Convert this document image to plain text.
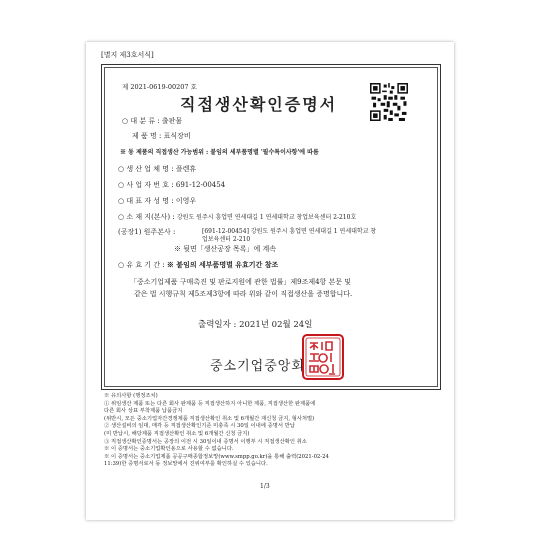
[별지 제3호서식]
제 2021-0619-00207 호
직접생산확인증명서
○ 대 분 류 : 출판물
제 품 명 : 표식장비
※ 동 제품의 직접생산 가능범위 : 붙임의 세부품명별 '필수특이사항'에 따름
○ 생 산 업 체 명 : 플렌휴
○ 사 업 자 번 호 : 691-12-00454
○ 대 표 자 성 명 : 이영우
○ 소 재 지(본사) : 강원도 원주시 흥업면 연세대길 1 연세대학교 창업보육센터 2-210호
(공장1) 원주본사 :	[691-12-00454] 강원도 원주시 흥업면 연세대길 1 연세대학교 창
업보육센터 2-210
※ 뒷면「생산공장 목록」에 계속
○ 유 효 기 간 : ※ 붙임의 세부품명별 유효기간 참조
「중소기업제품 구매촉진 및 판로지원에 관한 법률」제9조제4항 본문 및
같은 법 시행규칙 제5조제3항에 따라 위와 같이 직접생산을 증명합니다.
출력일자 : 2021년 02월 24일
중소기업중앙회
※ 유의사항 (행정조치)
① 위임생산 제품 또는 다른 회사 완제품 등 직접생산하지 아니한 제품, 직접생산한 완제품에
다른 회사 상표 부착제품 납품금지
(위반시, 모든 중소기업자간경쟁제품 직접생산확인 취소 및 6개월간 재신청 금지, 형사처벌)
② 생산설비의 임대, 매각 등 직접생산확인기준 미충족 시 30일 이내에 증명서 반납
(미 반납시, 해당제품 직접생산확인 취소 및 6개월간 신청 금지)
③ 직접생산확인증명서는 공장의 이전 시 30일이내 증명서 이행부 시 직접생산확인 취소
※ 이 증명서는 중소기업확인용으로 사용할 수 없습니다.
※ 이 증명서는 중소기업제품 공공구매종합정보망(www.smpp.go.kr)을 통해 출력(2021-02-24
11:39)한 증명서로서 동 정보망에서 진위여부를 확인하실 수 있습니다.
1/3
